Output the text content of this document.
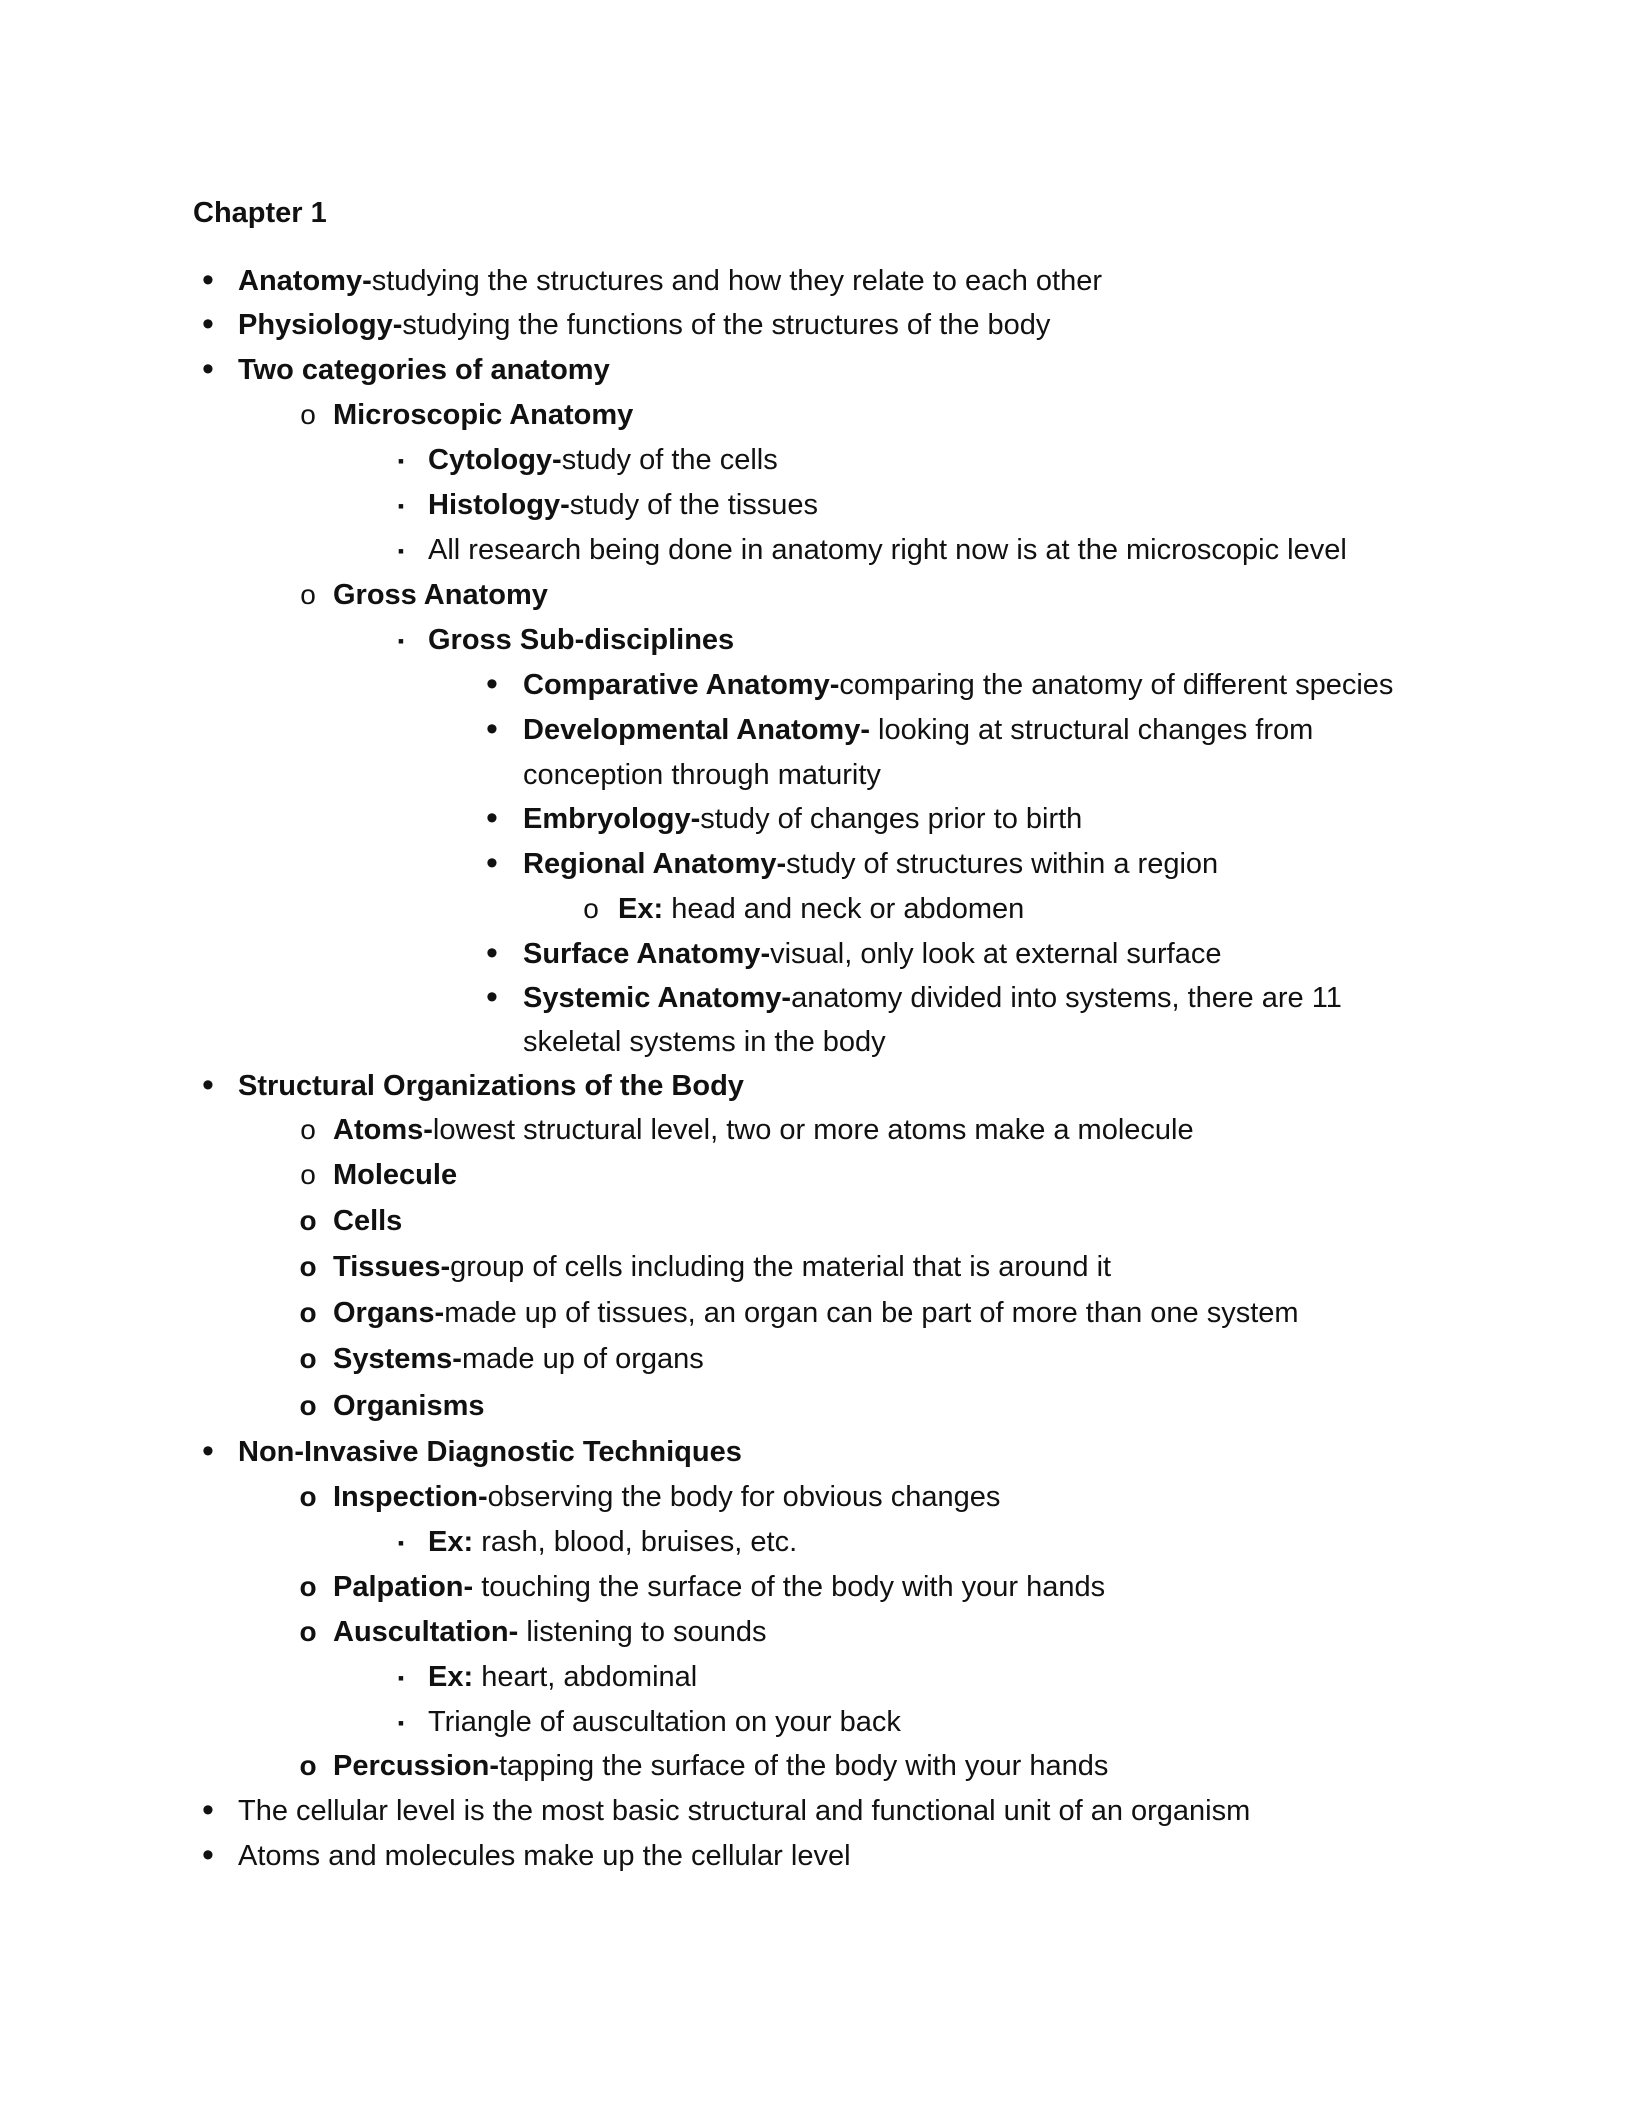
Chapter 1
• Anatomy-studying the structures and how they relate to each other
• Physiology-studying the functions of the structures of the body
• Two categories of anatomy
o Microscopic Anatomy
▪ Cytology-study of the cells
▪ Histology-study of the tissues
▪ All research being done in anatomy right now is at the microscopic level
o Gross Anatomy
▪ Gross Sub-disciplines
• Comparative Anatomy-comparing the anatomy of different species
• Developmental Anatomy- looking at structural changes from
conception through maturity
• Embryology-study of changes prior to birth
• Regional Anatomy-study of structures within a region
o Ex: head and neck or abdomen
• Surface Anatomy-visual, only look at external surface
• Systemic Anatomy-anatomy divided into systems, there are 11
skeletal systems in the body
• Structural Organizations of the Body
o Atoms-lowest structural level, two or more atoms make a molecule
o Molecule
o Cells
o Tissues-group of cells including the material that is around it
o Organs-made up of tissues, an organ can be part of more than one system
o Systems-made up of organs
o Organisms
• Non-Invasive Diagnostic Techniques
o Inspection-observing the body for obvious changes
▪ Ex: rash, blood, bruises, etc.
o Palpation- touching the surface of the body with your hands
o Auscultation- listening to sounds
▪ Ex: heart, abdominal
▪ Triangle of auscultation on your back
o Percussion-tapping the surface of the body with your hands
• The cellular level is the most basic structural and functional unit of an organism
• Atoms and molecules make up the cellular level
